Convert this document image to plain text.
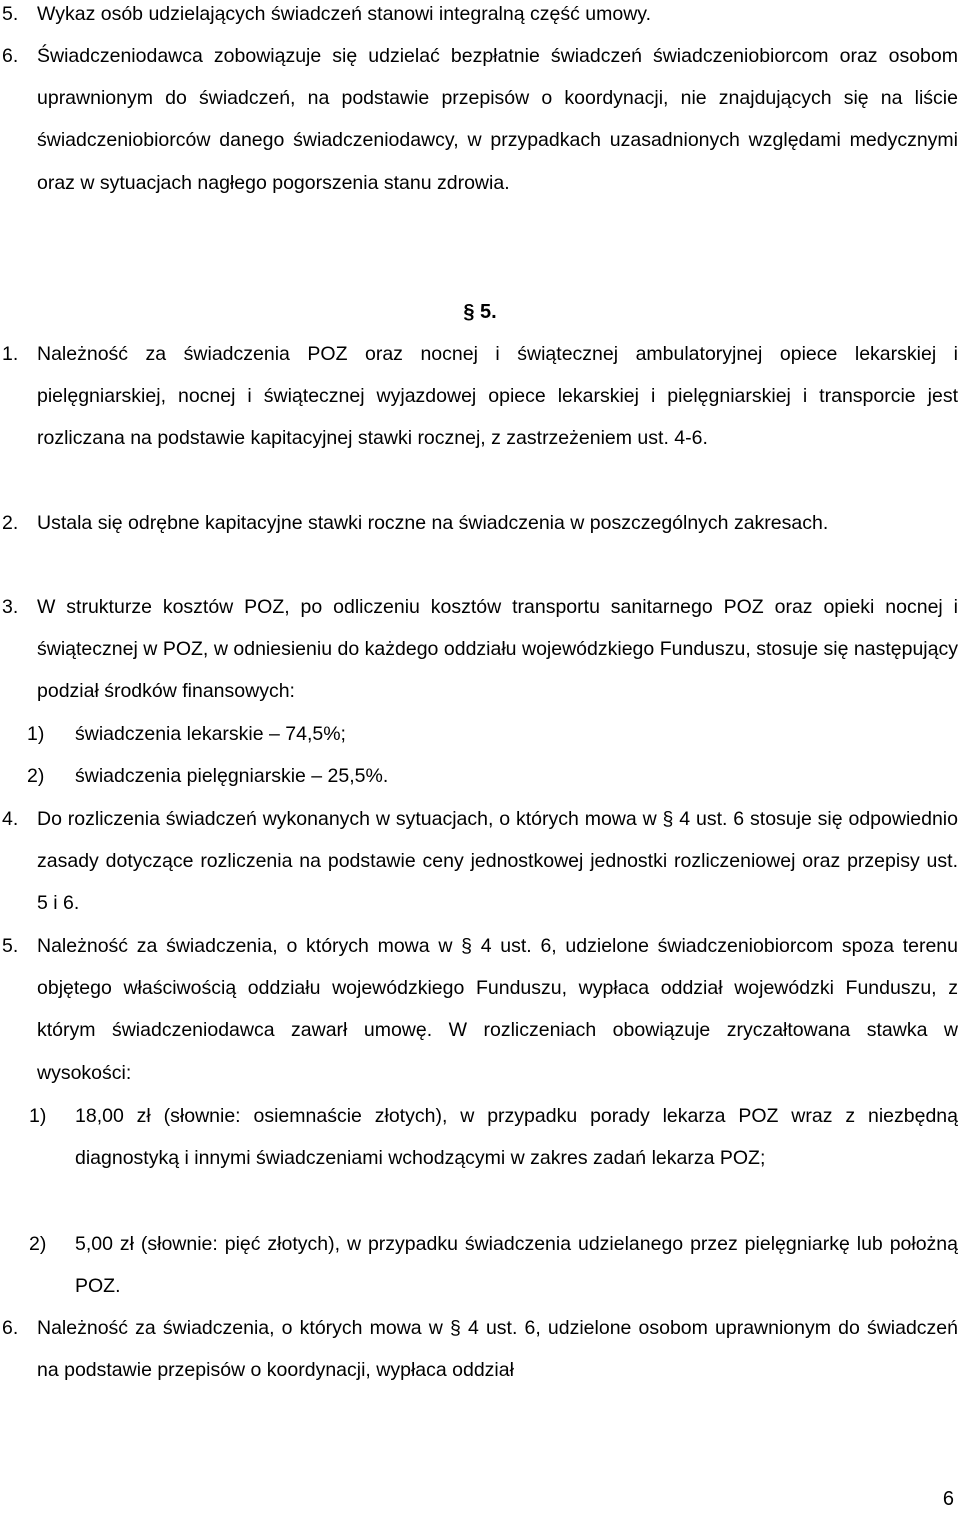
5. Wykaz osób udzielających świadczeń stanowi integralną część umowy.
6. Świadczeniodawca zobowiązuje się udzielać bezpłatnie świadczeń świadczeniobiorcom oraz osobom uprawnionym do świadczeń, na podstawie przepisów o koordynacji, nie znajdujących się na liście świadczeniobiorców danego świadczeniodawcy, w przypadkach uzasadnionych względami medycznymi oraz w sytuacjach nagłego pogorszenia stanu zdrowia.
§ 5.
1. Należność za świadczenia POZ oraz nocnej i świątecznej ambulatoryjnej opiece lekarskiej i pielęgniarskiej, nocnej i świątecznej wyjazdowej opiece lekarskiej i pielęgniarskiej i transporcie jest rozliczana na podstawie kapitacyjnej stawki rocznej, z zastrzeżeniem ust. 4-6.
2. Ustala się odrębne kapitacyjne stawki roczne na świadczenia w poszczególnych zakresach.
3. W strukturze kosztów POZ, po odliczeniu kosztów transportu sanitarnego POZ oraz opieki nocnej i świątecznej w POZ, w odniesieniu do każdego oddziału wojewódzkiego Funduszu, stosuje się następujący podział środków finansowych:
1) świadczenia lekarskie – 74,5%;
2) świadczenia pielęgniarskie – 25,5%.
4. Do rozliczenia świadczeń wykonanych w sytuacjach, o których mowa w § 4 ust. 6 stosuje się odpowiednio zasady dotyczące rozliczenia na podstawie ceny jednostkowej jednostki rozliczeniowej oraz przepisy ust. 5 i 6.
5. Należność za świadczenia, o których mowa w § 4 ust. 6, udzielone świadczeniobiorcom spoza terenu objętego właściwością oddziału wojewódzkiego Funduszu, wypłaca oddział wojewódzki Funduszu, z którym świadczeniodawca zawarł umowę. W rozliczeniach obowiązuje zryczałtowana stawka w wysokości:
1) 18,00 zł (słownie: osiemnaście złotych), w przypadku porady lekarza POZ wraz z niezbędną diagnostyką i innymi świadczeniami wchodzącymi w zakres zadań lekarza POZ;
2) 5,00 zł (słownie: pięć złotych), w przypadku świadczenia udzielanego przez pielęgniarkę lub położną POZ.
6. Należność za świadczenia, o których mowa w § 4 ust. 6, udzielone osobom uprawnionym do świadczeń na podstawie przepisów o koordynacji, wypłaca oddział
6
